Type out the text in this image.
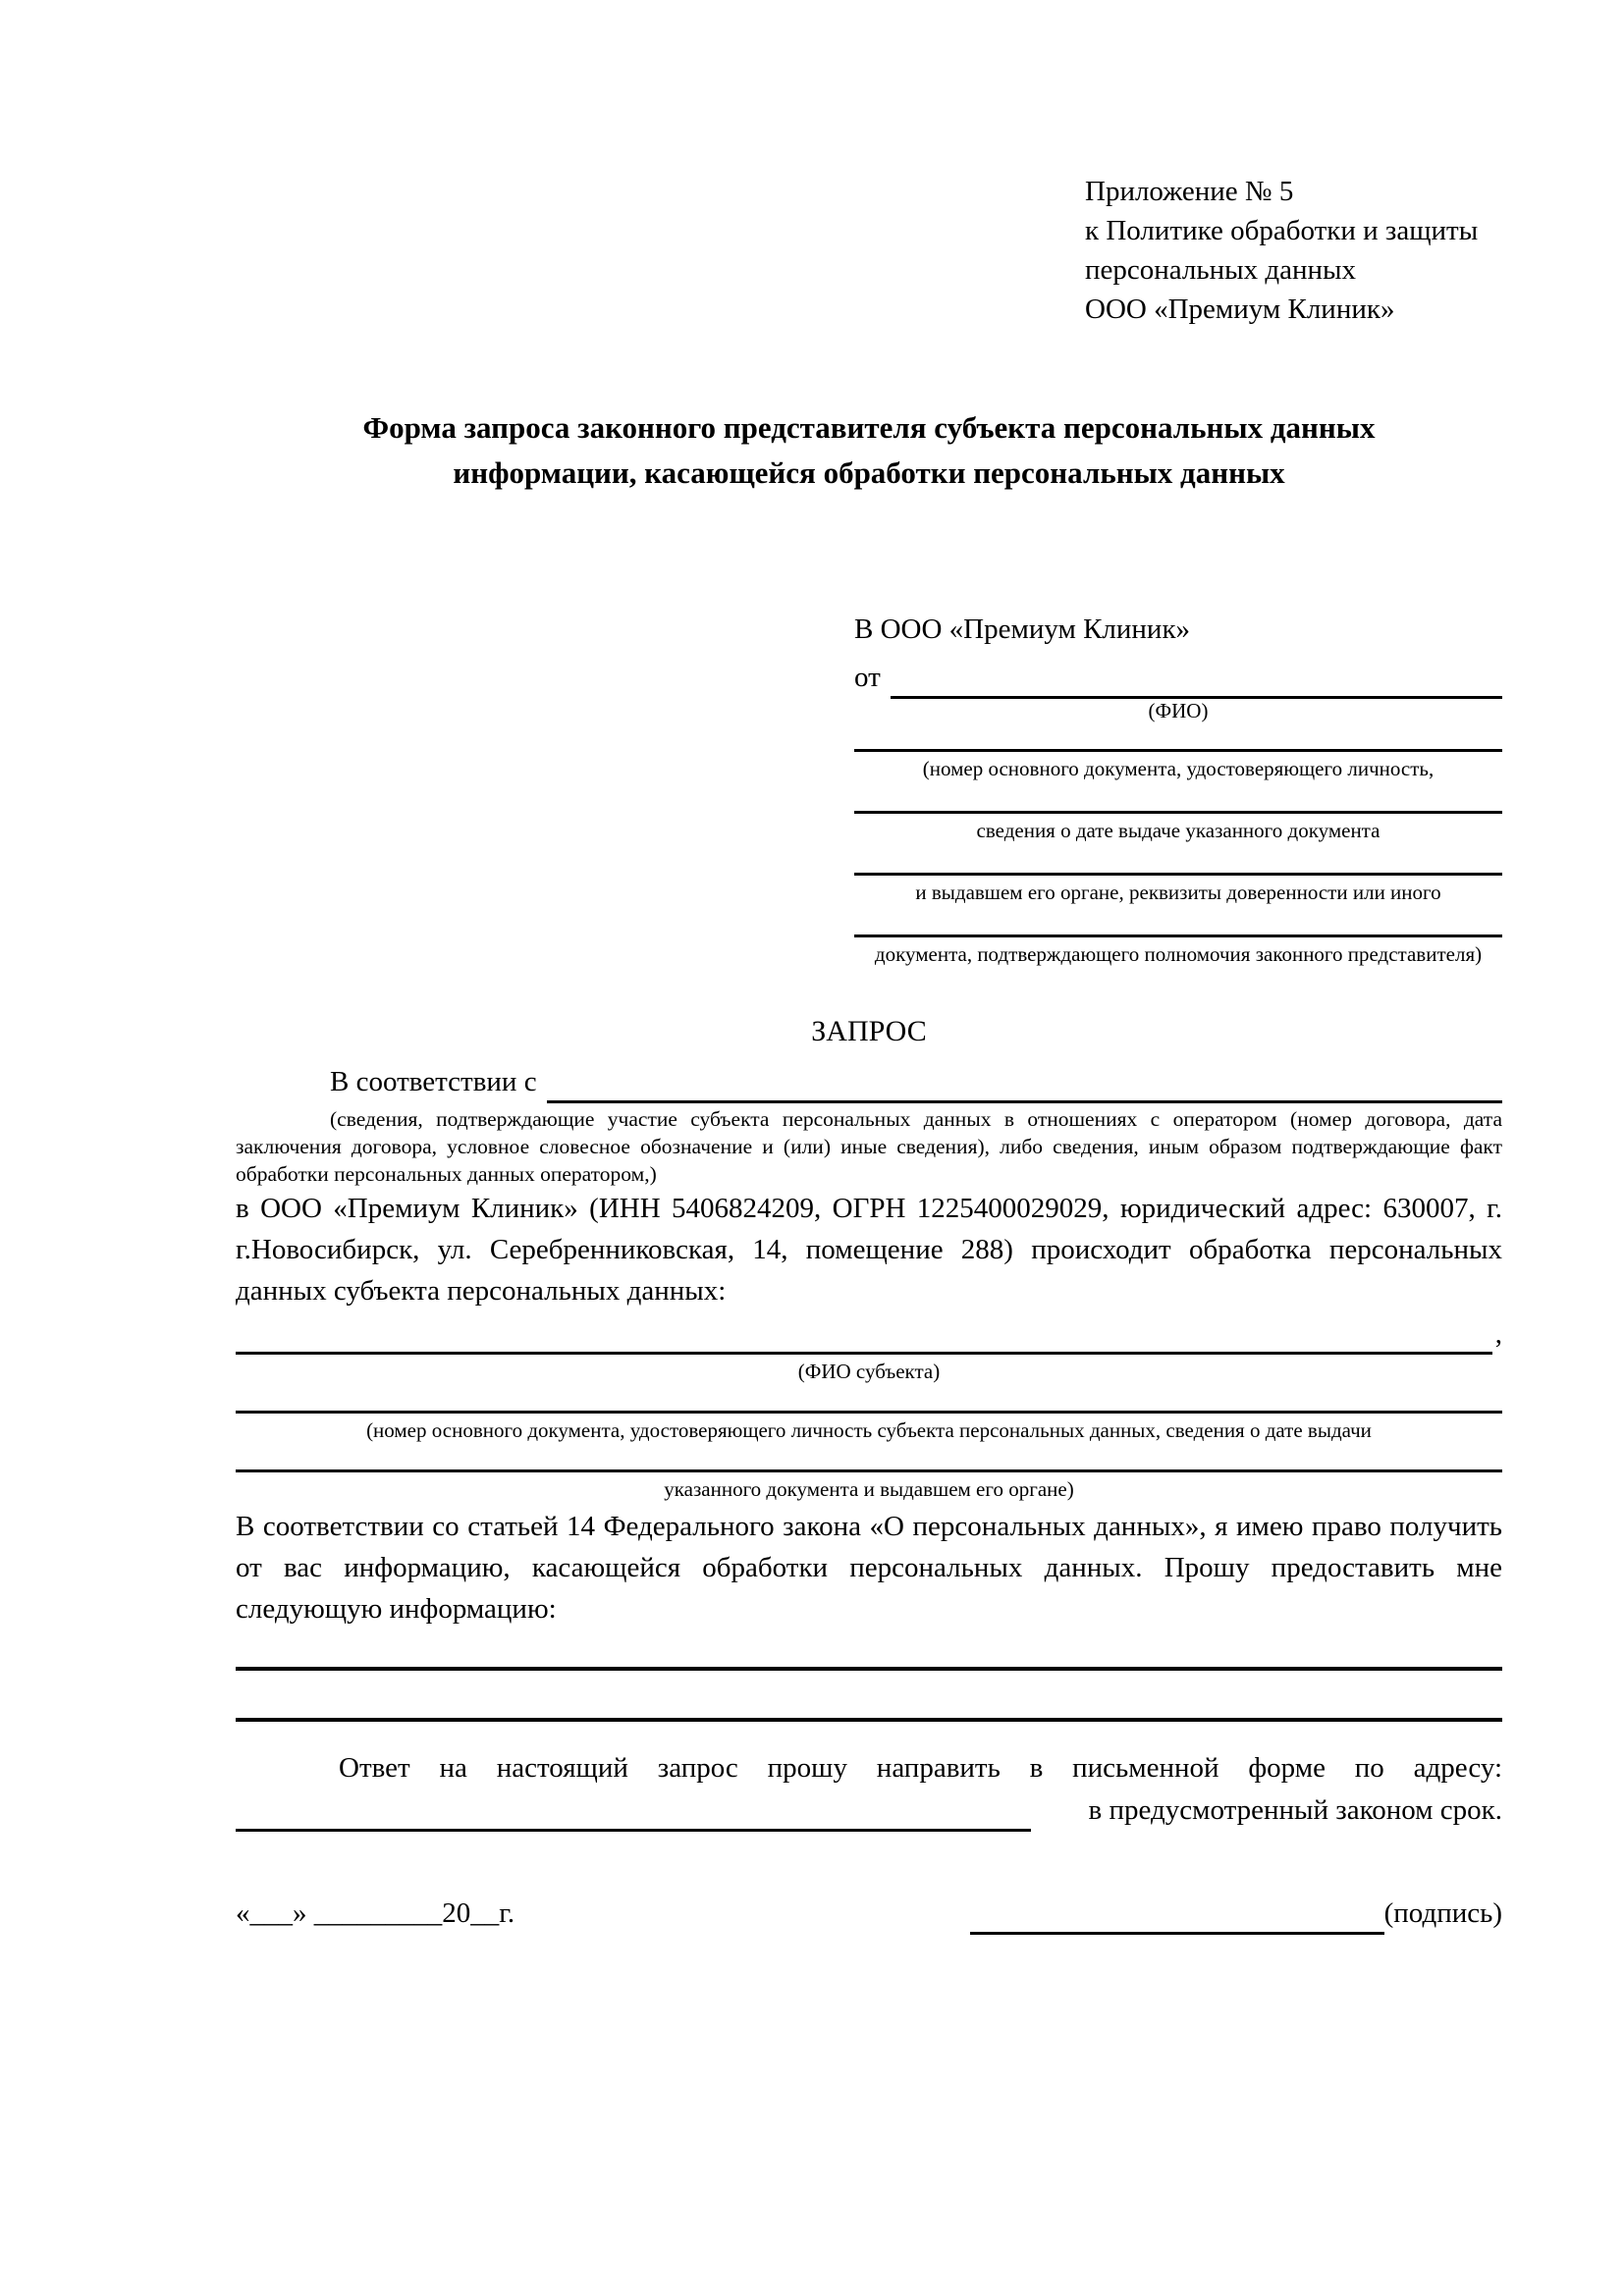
Приложение № 5
к Политике обработки и защиты
персональных данных
ООО «Премиум Клиник»
Форма запроса законного представителя субъекта персональных данных
информации, касающейся обработки персональных данных
В ООО «Премиум Клиник»
от
(ФИО)
(номер основного документа, удостоверяющего личность,
сведения о дате выдаче указанного документа
и выдавшем его органе, реквизиты доверенности или иного
документа, подтверждающего полномочия законного представителя)
ЗАПРОС
В соответствии с
(сведения, подтверждающие участие субъекта персональных данных в отношениях с оператором (номер договора, дата заключения договора, условное словесное обозначение и (или) иные сведения), либо сведения, иным образом подтверждающие факт обработки персональных данных оператором,)
в ООО «Премиум Клиник» (ИНН 5406824209, ОГРН 1225400029029, юридический адрес: 630007, г. г.Новосибирск, ул. Серебренниковская, 14, помещение 288) происходит обработка персональных данных субъекта персональных данных:
,
(ФИО субъекта)
(номер основного документа, удостоверяющего личность субъекта персональных данных, сведения о дате выдачи
указанного документа и выдавшем его органе)
В соответствии со статьей 14 Федерального закона «О персональных данных», я имею право получить от вас информацию, касающейся обработки персональных данных. Прошу предоставить мне следующую информацию:
Ответ на настоящий запрос прошу направить в письменной форме по адресу:
в предусмотренный законом срок.
«___» _________20__г.	(подпись)
